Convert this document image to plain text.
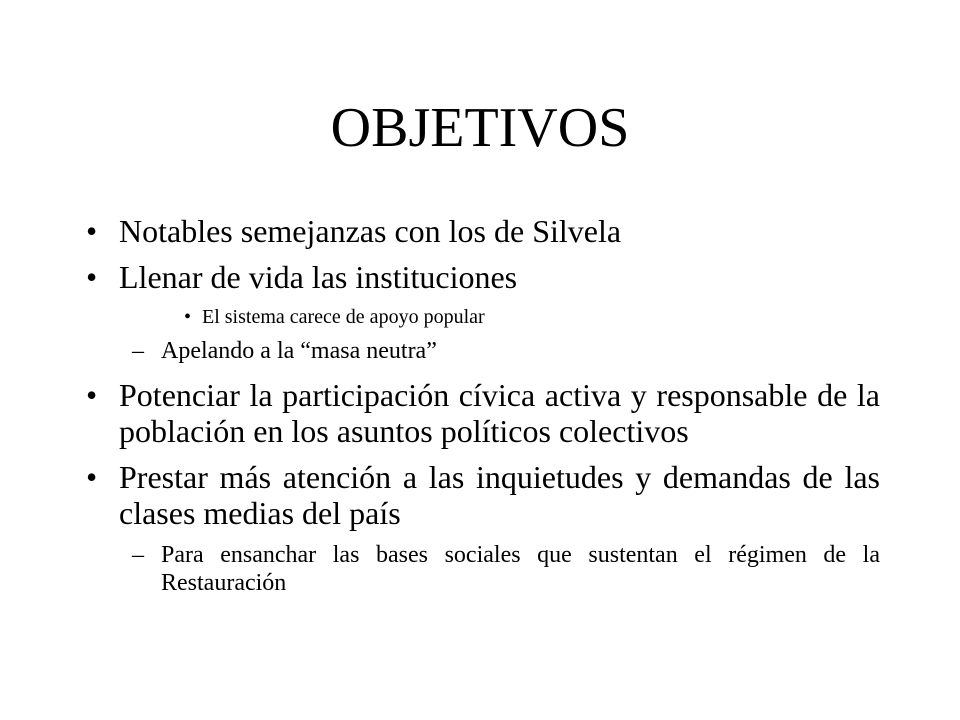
OBJETIVOS
• Notables semejanzas con los de Silvela
• Llenar de vida las instituciones
• El sistema carece de apoyo popular
– Apelando a la “masa neutra”
• Potenciar la participación cívica activa y responsable de la población en los asuntos políticos colectivos
• Prestar más atención a las inquietudes y demandas de las clases medias del país
– Para ensanchar las bases sociales que sustentan el régimen de la Restauración
